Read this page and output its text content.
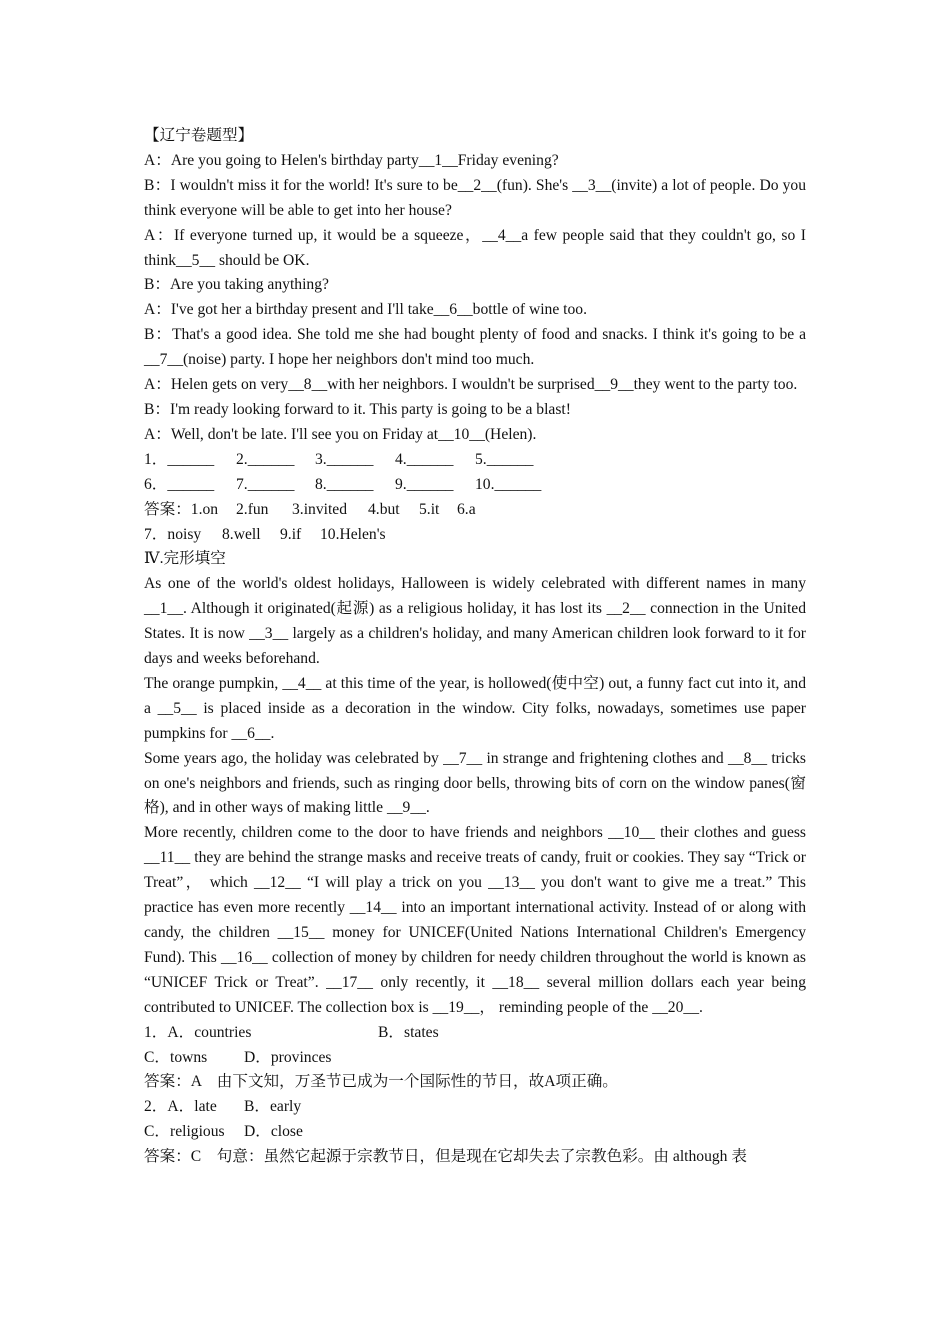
【辽宁卷题型】

A：Are you going to Helen's birthday party__1__Friday evening?

B：I wouldn't miss it for the world! It's sure to be__2__(fun). She's __3__(invite) a lot of people. Do you think everyone will be able to get into her house?

A：If everyone turned up, it would be a squeeze，__4__a few people said that they couldn't go, so I think__5__ should be OK.

B：Are you taking anything?

A：I've got her a birthday present and I'll take__6__bottle of wine too.

B：That's a good idea. She told me she had bought plenty of food and snacks. I think it's going to be a __7__(noise) party. I hope her neighbors don't mind too much.

A：Helen gets on very__8__with her neighbors. I wouldn't be surprised__9__they went to the party too.

B：I'm ready looking forward to it. This party is going to be a blast!

A：Well, don't be late. I'll see you on Friday at__10__(Helen).

1．______ 2.______ 3.______ 4.______ 5.______

6．______ 7.______ 8.______ 9.______ 10.______

答案：1.on 2.fun 3.invited 4.but 5.it 6.a

7．noisy 8.well 9.if 10.Helen's

Ⅳ.完形填空

As one of the world's oldest holidays, Halloween is widely celebrated with different names in many __1__. Although it originated(起源) as a religious holiday, it has lost its __2__ connection in the United States. It is now __3__ largely as a children's holiday, and many American children look forward to it for days and weeks beforehand.

The orange pumpkin, __4__ at this time of the year, is hollowed(使中空) out, a funny fact cut into it, and a __5__ is placed inside as a decoration in the window. City folks, nowadays, sometimes use paper pumpkins for __6__.

Some years ago, the holiday was celebrated by __7__ in strange and frightening clothes and __8__ tricks on one's neighbors and friends, such as ringing door bells, throwing bits of corn on the window panes(窗格), and in other ways of making little __9__.

More recently, children come to the door to have friends and neighbors __10__ their clothes and guess __11__ they are behind the strange masks and receive treats of candy, fruit or cookies. They say “Trick or Treat”， which __12__ “I will play a trick on you __13__ you don't want to give me a treat.” This practice has even more recently __14__ into an important international activity. Instead of or along with candy, the children __15__ money for UNICEF(United Nations International Children's Emergency Fund). This __16__ collection of money by children for needy children throughout the world is known as “UNICEF Trick or Treat”. __17__ only recently, it __18__ several million dollars each year being contributed to UNICEF. The collection box is __19__， reminding people of the __20__.

1．A．countries	B．states

C．towns D．provinces

答案：A　由下文知，万圣节已成为一个国际性的节日，故A项正确。

2．A．late B．early

C．religious D．close

答案：C　句意：虽然它起源于宗教节日，但是现在它却失去了宗教色彩。由 although 表
